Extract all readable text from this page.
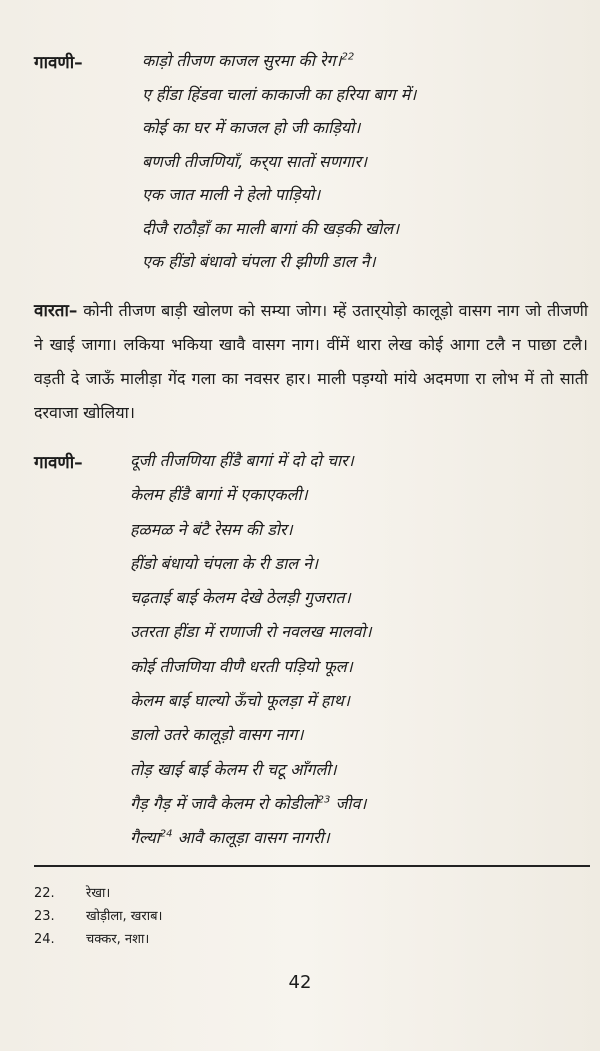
गावणी–	काड़ो तीजण काजल सुरमा की रेग।$^{22}$
ए हींडा हिंडवा चालां काकाजी का हरिया बाग में।
कोई का घर में काजल हो जी काड़ियो।
बणजी तीजणियाँ, कर्‌या सातों सणगार।
एक जात माली ने हेलो पाड़ियो।
दीजै राठौड़ाँ का माली बागां की खड़की खोल।
एक हींडो बंधावो चंपला री झीणी डाल नै।
वारता– कोनी तीजण बाड़ी खोलण को सम्या जोग। म्हें उतार्‌योड़ो कालूड़ो वासग नाग जो तीजणी ने खाई जागा। लकिया भकिया खावै वासग नाग। वींमें थारा लेख कोई आगा टलै न पाछा टलै। वड़ती दे जाऊँ मालीड़ा गेंद गला का नवसर हार। माली पड़ग्यो मांये अदमणा रा लोभ में तो साती दरवाजा खोलिया।
गावणी–	दूजी तीजणिया हींडै बागां में दो दो चार।
केलम हींडै बागां में एकाएकली।
हळमळ ने बंटै रेसम की डोर।
हींडो बंधायो चंपला के री डाल ने।
चढ़ताई बाई केलम देखे ठेलड़ी गुजरात।
उतरता हींडा में राणाजी रो नवलख मालवो।
कोई तीजणिया वीणै धरती पड़ियो फूल।
केलम बाई घाल्यो ऊँचो फूलड़ा में हाथ।
डालो उतरे कालूड़ो वासग नाग।
तोड़ खाई बाई केलम री चटू आँगली।
गैड़ गैड़ में जावै केलम रो कोडीलो$^{23}$ जीव।
गैल्या$^{24}$ आवै कालूड़ा वासग नागरी।
22. रेखा।
23. खोड़ीला, खराब।
24. चक्कर, नशा।
42
